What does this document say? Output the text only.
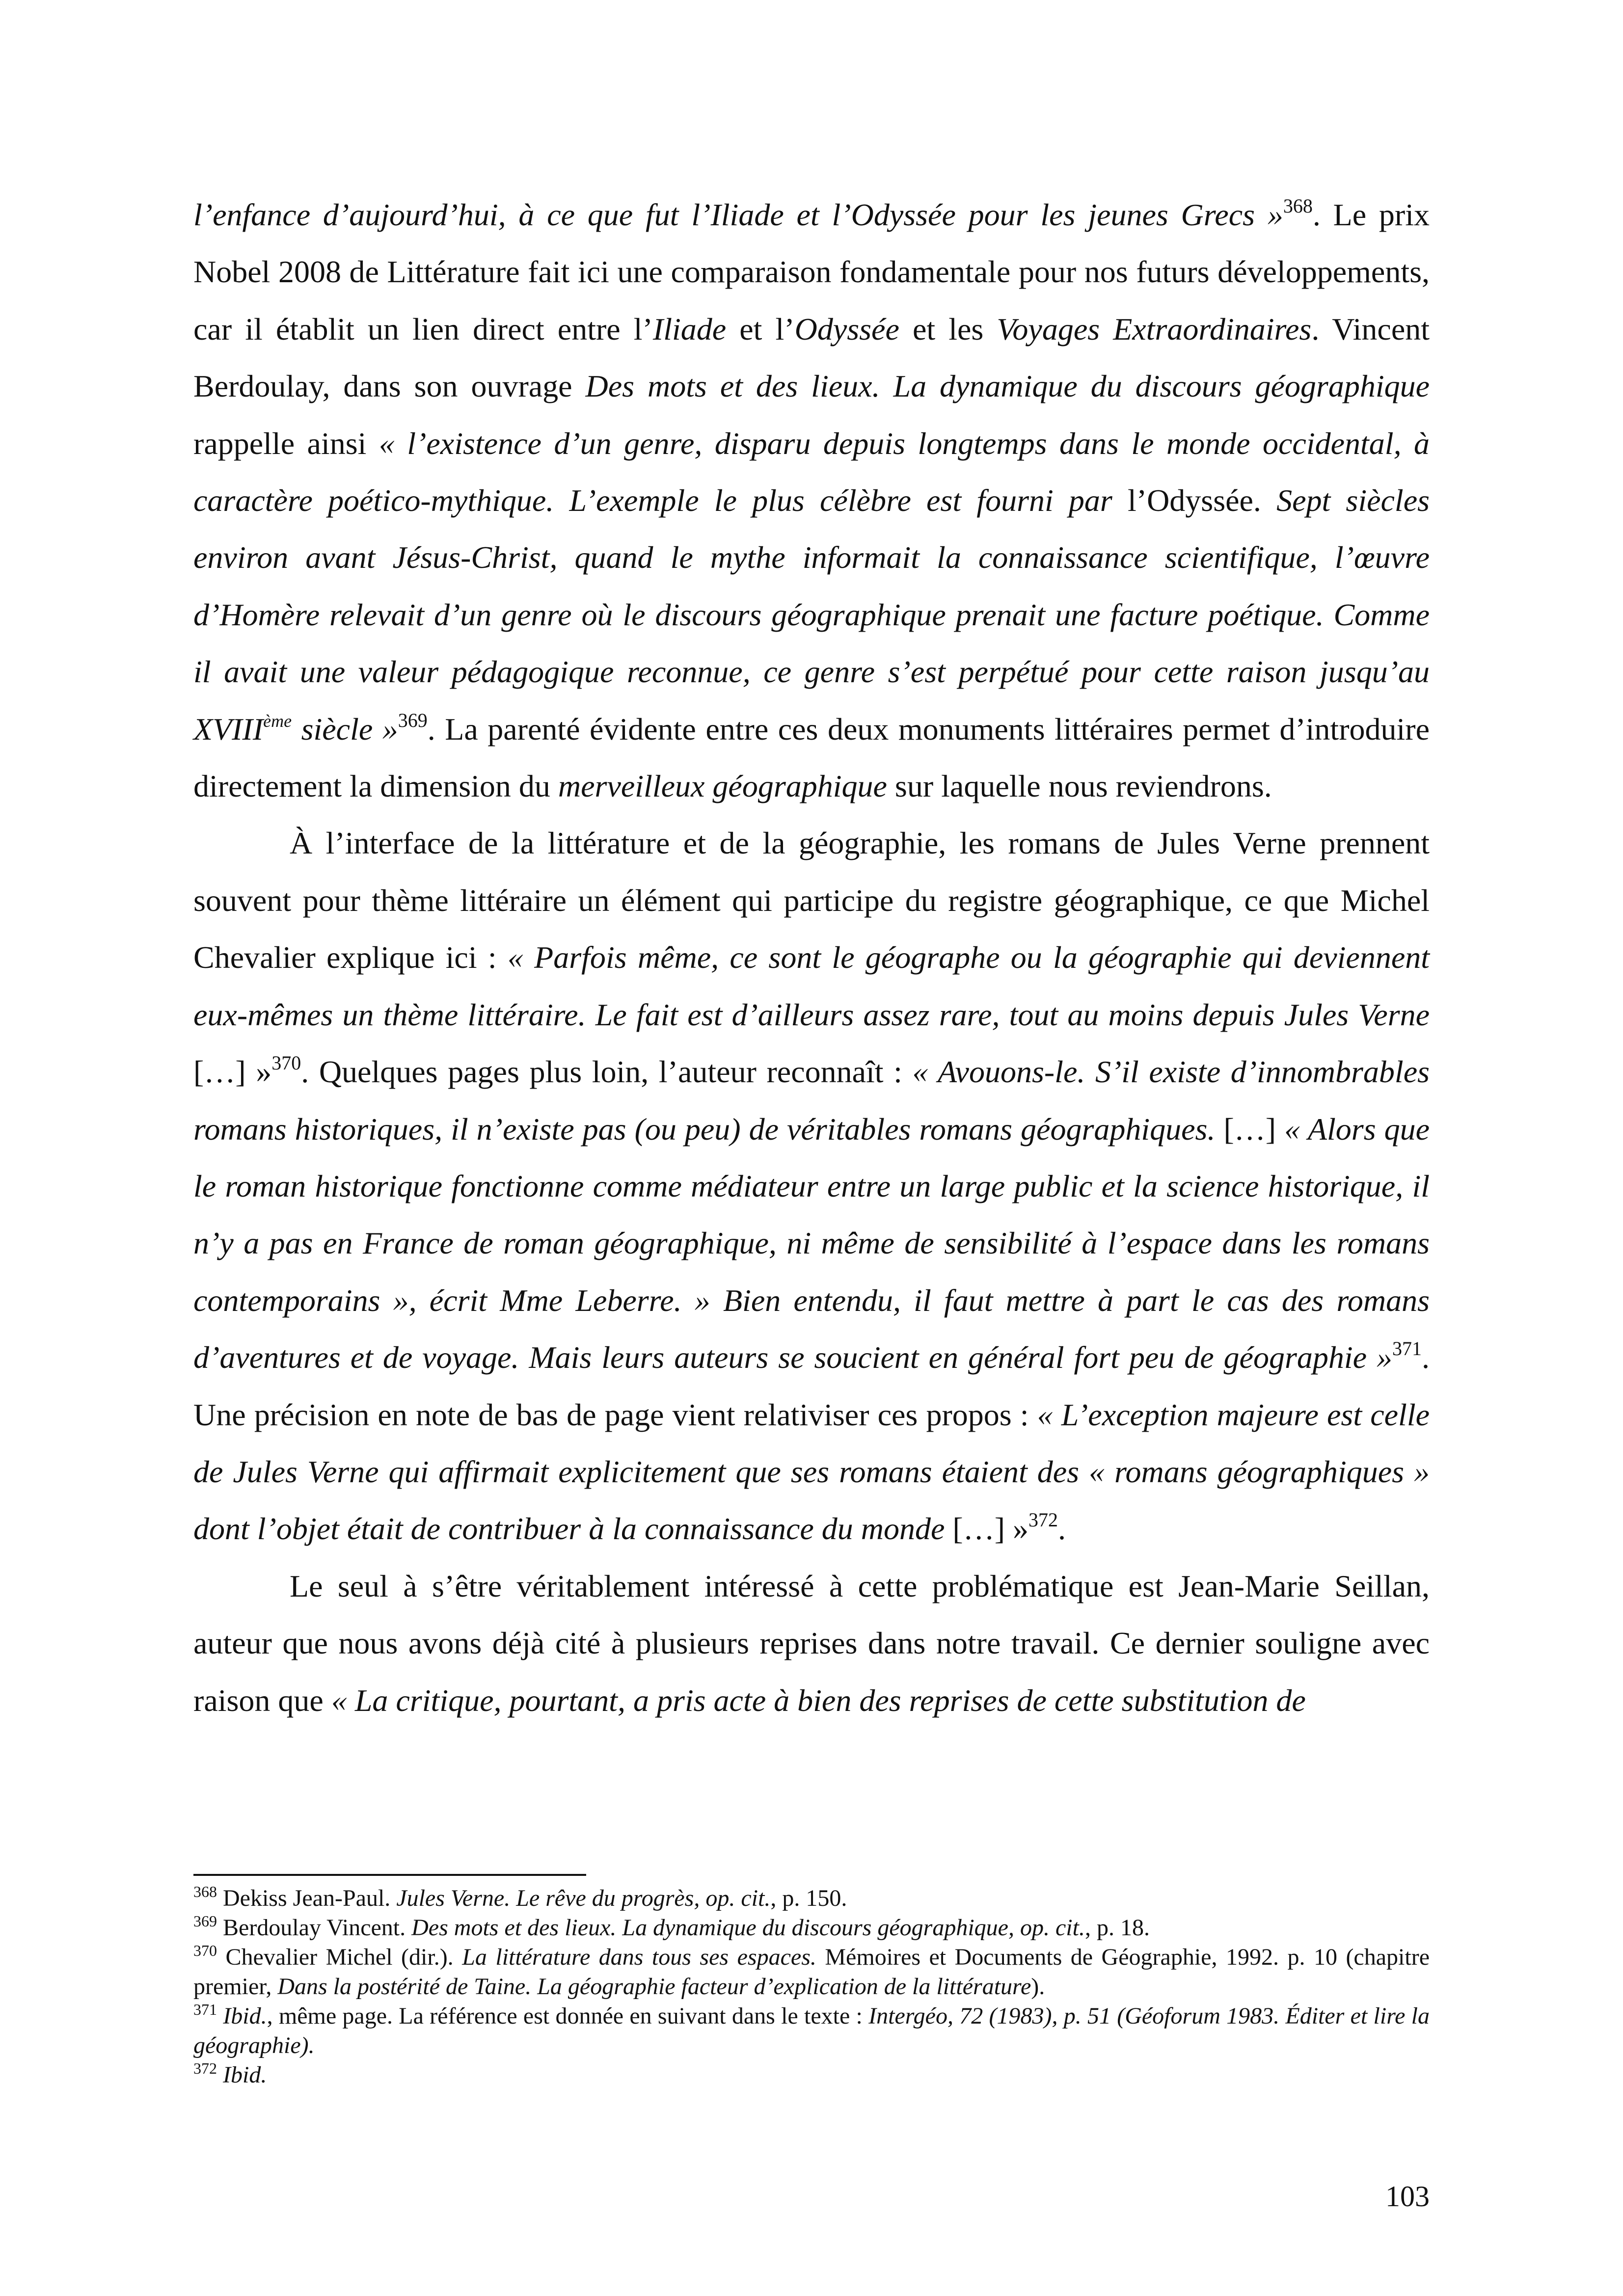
l’enfance d’aujourd’hui, à ce que fut l’Iliade et l’Odyssée pour les jeunes Grecs »$^{368}$. Le prix Nobel 2008 de Littérature fait ici une comparaison fondamentale pour nos futurs développements, car il établit un lien direct entre l’Iliade et l’Odyssée et les Voyages Extraordinaires. Vincent Berdoulay, dans son ouvrage Des mots et des lieux. La dynamique du discours géographique rappelle ainsi « l’existence d’un genre, disparu depuis longtemps dans le monde occidental, à caractère poético-mythique. L’exemple le plus célèbre est fourni par l’Odyssée. Sept siècles environ avant Jésus-Christ, quand le mythe informait la connaissance scientifique, l’œuvre d’Homère relevait d’un genre où le discours géographique prenait une facture poétique. Comme il avait une valeur pédagogique reconnue, ce genre s’est perpétué pour cette raison jusqu’au XVIIIème siècle »$^{369}$. La parenté évidente entre ces deux monuments littéraires permet d’introduire directement la dimension du merveilleux géographique sur laquelle nous reviendrons.

À l’interface de la littérature et de la géographie, les romans de Jules Verne prennent souvent pour thème littéraire un élément qui participe du registre géographique, ce que Michel Chevalier explique ici : « Parfois même, ce sont le géographe ou la géographie qui deviennent eux-mêmes un thème littéraire. Le fait est d’ailleurs assez rare, tout au moins depuis Jules Verne […] »$^{370}$. Quelques pages plus loin, l’auteur reconnaît : « Avouons-le. S’il existe d’innombrables romans historiques, il n’existe pas (ou peu) de véritables romans géographiques. […] « Alors que le roman historique fonctionne comme médiateur entre un large public et la science historique, il n’y a pas en France de roman géographique, ni même de sensibilité à l’espace dans les romans contemporains », écrit Mme Leberre. » Bien entendu, il faut mettre à part le cas des romans d’aventures et de voyage. Mais leurs auteurs se soucient en général fort peu de géographie »$^{371}$. Une précision en note de bas de page vient relativiser ces propos : « L’exception majeure est celle de Jules Verne qui affirmait explicitement que ses romans étaient des « romans géographiques » dont l’objet était de contribuer à la connaissance du monde […] »$^{372}$.

Le seul à s’être véritablement intéressé à cette problématique est Jean-Marie Seillan, auteur que nous avons déjà cité à plusieurs reprises dans notre travail. Ce dernier souligne avec raison que « La critique, pourtant, a pris acte à bien des reprises de cette substitution de

$^{368}$ Dekiss Jean-Paul. Jules Verne. Le rêve du progrès, op. cit., p. 150.

$^{369}$ Berdoulay Vincent. Des mots et des lieux. La dynamique du discours géographique, op. cit., p. 18.

$^{370}$ Chevalier Michel (dir.). La littérature dans tous ses espaces. Mémoires et Documents de Géographie, 1992. p. 10 (chapitre premier, Dans la postérité de Taine. La géographie facteur d’explication de la littérature).

$^{371}$ Ibid., même page. La référence est donnée en suivant dans le texte : Intergéo, 72 (1983), p. 51 (Géoforum 1983. Éditer et lire la géographie).

$^{372}$ Ibid.

103
